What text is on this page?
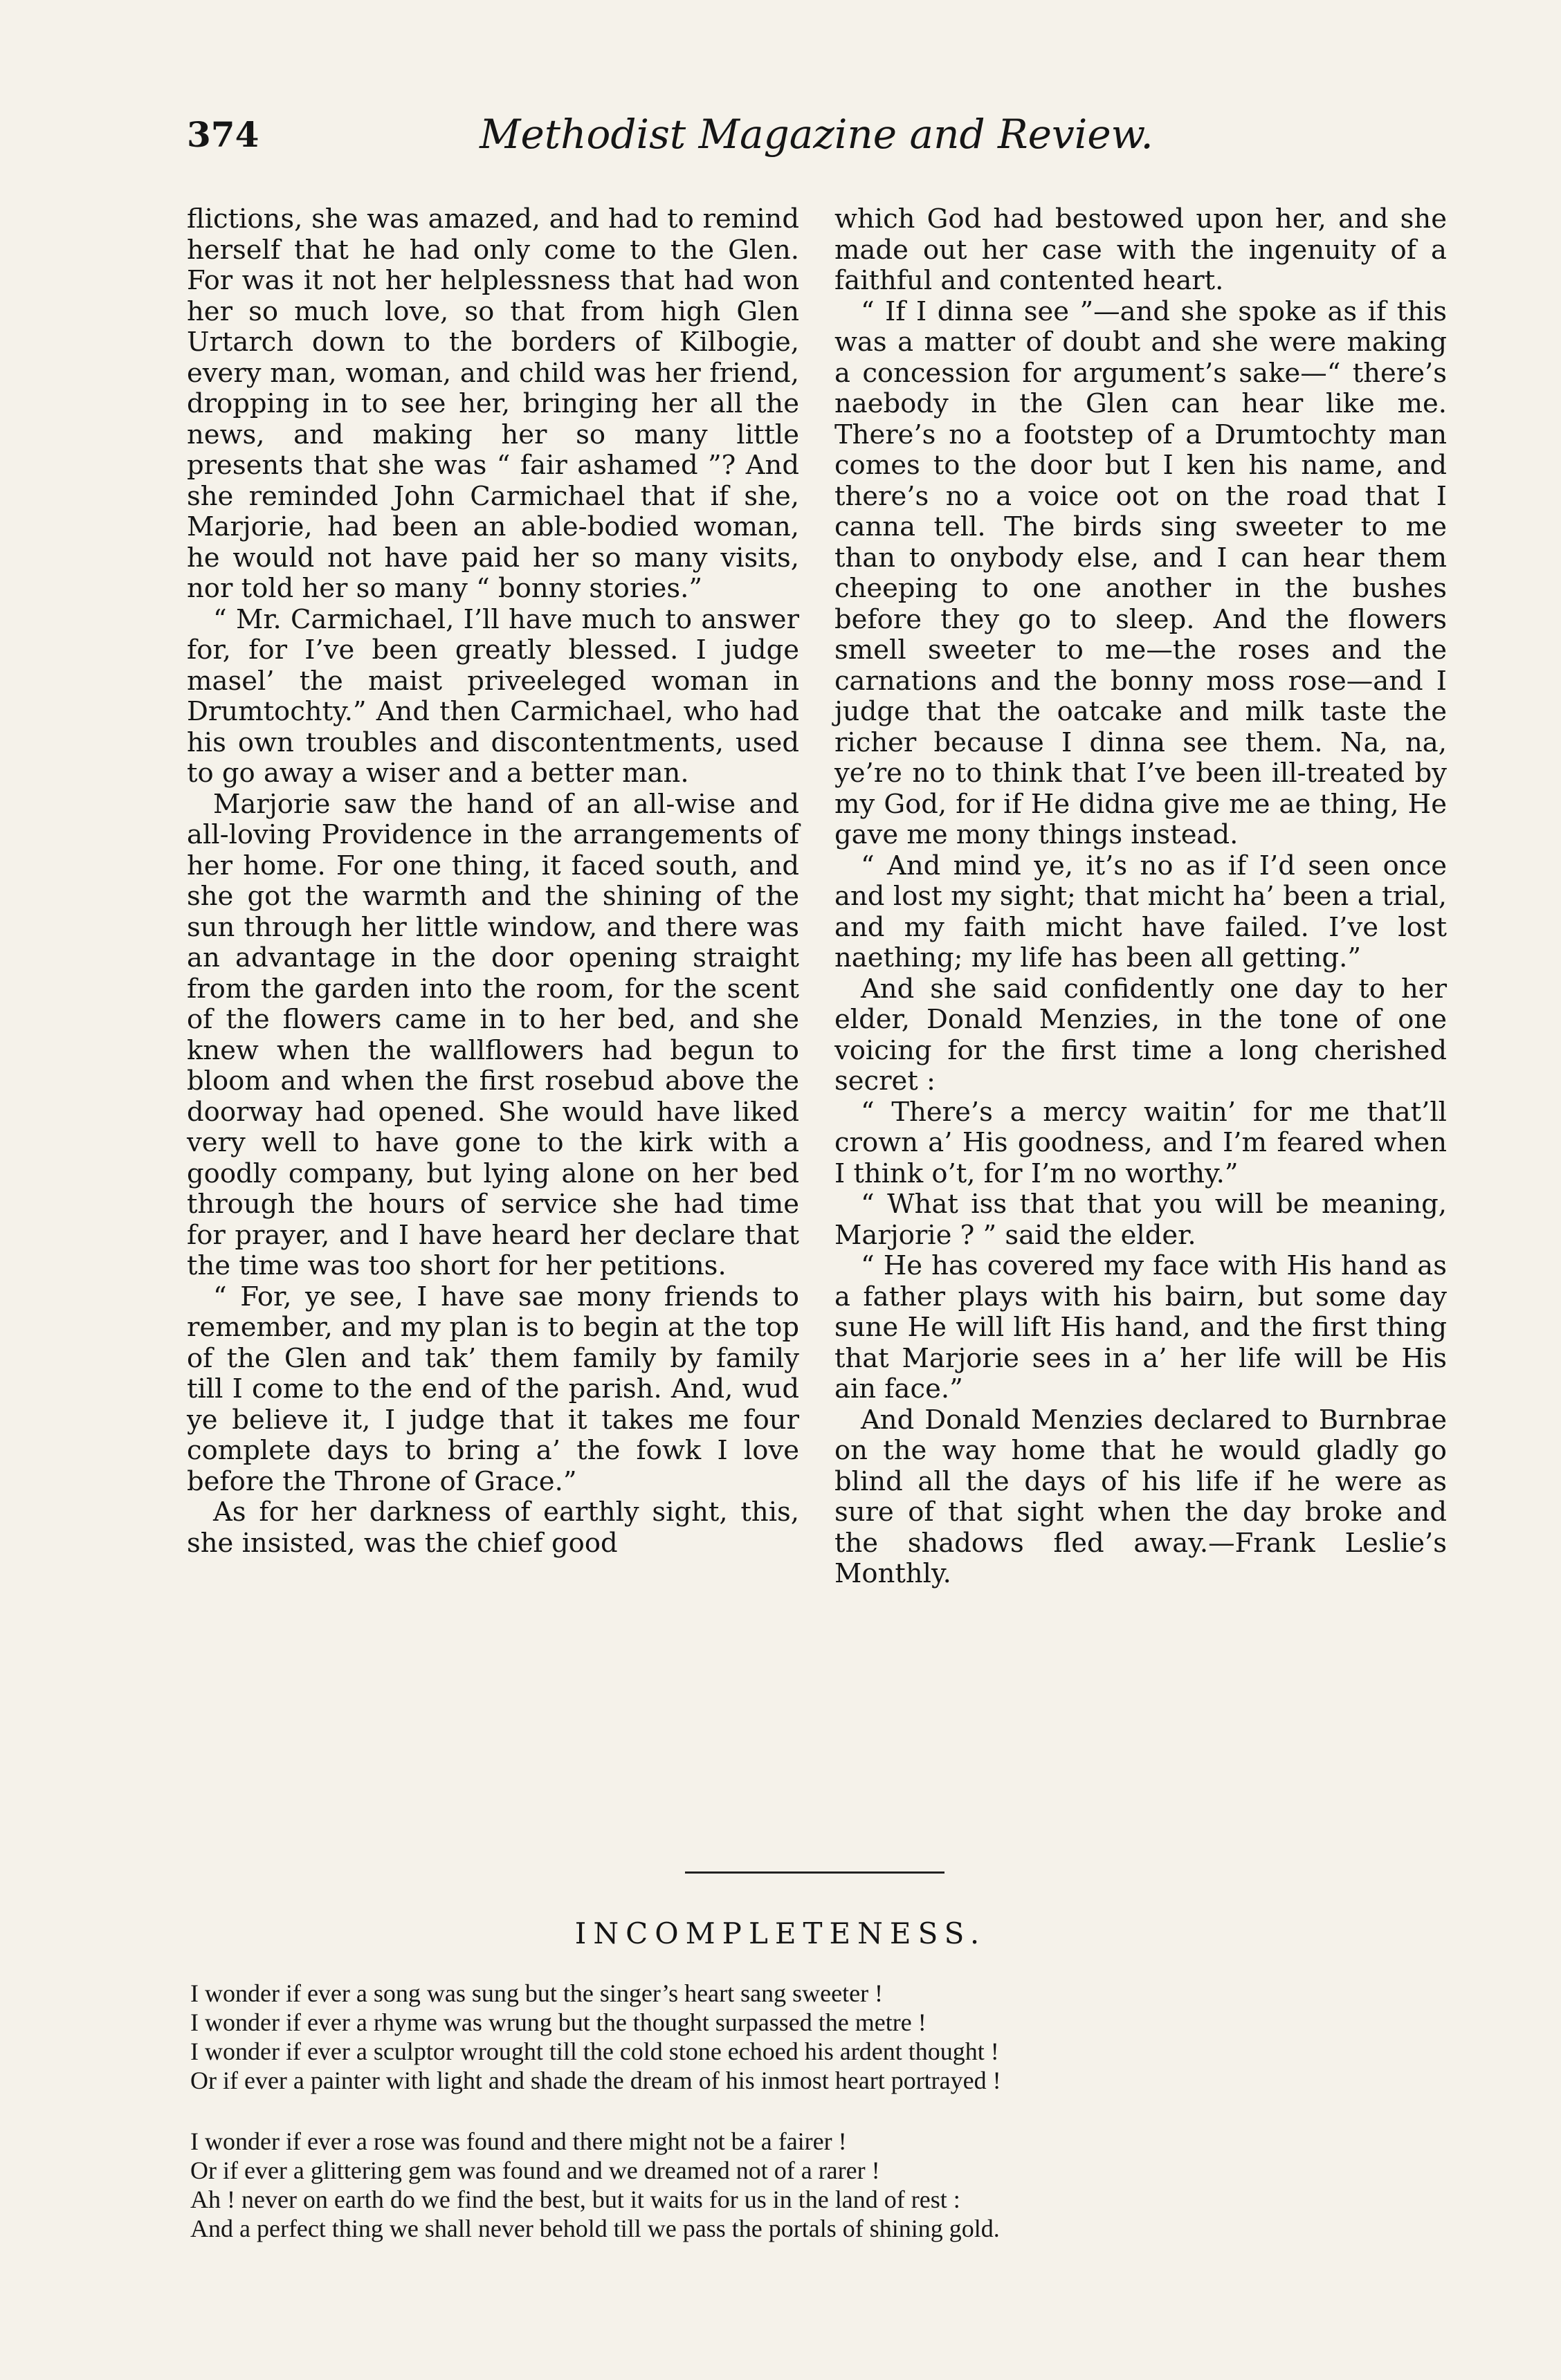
374	Methodist Magazine and Review.

flictions, she was amazed, and had to remind herself that he had only come to the Glen. For was it not her helplessness that had won her so much love, so that from high Glen Urtarch down to the borders of Kilbogie, every man, woman, and child was her friend, dropping in to see her, bringing her all the news, and making her so many little presents that she was “ fair ashamed ”? And she reminded John Carmichael that if she, Marjorie, had been an able-bodied woman, he would not have paid her so many visits, nor told her so many “ bonny stories.”

“ Mr. Carmichael, I’ll have much to answer for, for I’ve been greatly blessed. I judge masel’ the maist priveeleged woman in Drumtochty.” And then Carmichael, who had his own troubles and discontentments, used to go away a wiser and a better man.

Marjorie saw the hand of an all-wise and all-loving Providence in the arrangements of her home. For one thing, it faced south, and she got the warmth and the shining of the sun through her little window, and there was an advantage in the door opening straight from the garden into the room, for the scent of the flowers came in to her bed, and she knew when the wallflowers had begun to bloom and when the first rosebud above the doorway had opened. She would have liked very well to have gone to the kirk with a goodly company, but lying alone on her bed through the hours of service she had time for prayer, and I have heard her declare that the time was too short for her petitions.

“ For, ye see, I have sae mony friends to remember, and my plan is to begin at the top of the Glen and tak’ them family by family till I come to the end of the parish. And, wud ye believe it, I judge that it takes me four complete days to bring a’ the fowk I love before the Throne of Grace.”

As for her darkness of earthly sight, this, she insisted, was the chief good

which God had bestowed upon her, and she made out her case with the ingenuity of a faithful and contented heart.

“ If I dinna see ”—and she spoke as if this was a matter of doubt and she were making a concession for argument’s sake—“ there’s naebody in the Glen can hear like me. There’s no a footstep of a Drumtochty man comes to the door but I ken his name, and there’s no a voice oot on the road that I canna tell. The birds sing sweeter to me than to onybody else, and I can hear them cheeping to one another in the bushes before they go to sleep. And the flowers smell sweeter to me—the roses and the carnations and the bonny moss rose—and I judge that the oatcake and milk taste the richer because I dinna see them. Na, na, ye’re no to think that I’ve been ill-treated by my God, for if He didna give me ae thing, He gave me mony things instead.

“ And mind ye, it’s no as if I’d seen once and lost my sight; that micht ha’ been a trial, and my faith micht have failed. I’ve lost naething; my life has been all getting.”

And she said confidently one day to her elder, Donald Menzies, in the tone of one voicing for the first time a long cherished secret :

“ There’s a mercy waitin’ for me that’ll crown a’ His goodness, and I’m feared when I think o’t, for I’m no worthy.”

“ What iss that that you will be meaning, Marjorie ? ” said the elder.

“ He has covered my face with His hand as a father plays with his bairn, but some day sune He will lift His hand, and the first thing that Marjorie sees in a’ her life will be His ain face.”

And Donald Menzies declared to Burnbrae on the way home that he would gladly go blind all the days of his life if he were as sure of that sight when the day broke and the shadows fled away.—Frank Leslie’s Monthly.

INCOMPLETENESS.
I wonder if ever a song was sung but the singer’s heart sang sweeter !
I wonder if ever a rhyme was wrung but the thought surpassed the metre !
I wonder if ever a sculptor wrought till the cold stone echoed his ardent thought !
Or if ever a painter with light and shade the dream of his inmost heart portrayed !
I wonder if ever a rose was found and there might not be a fairer !
Or if ever a glittering gem was found and we dreamed not of a rarer !
Ah ! never on earth do we find the best, but it waits for us in the land of rest :
And a perfect thing we shall never behold till we pass the portals of shining gold.
